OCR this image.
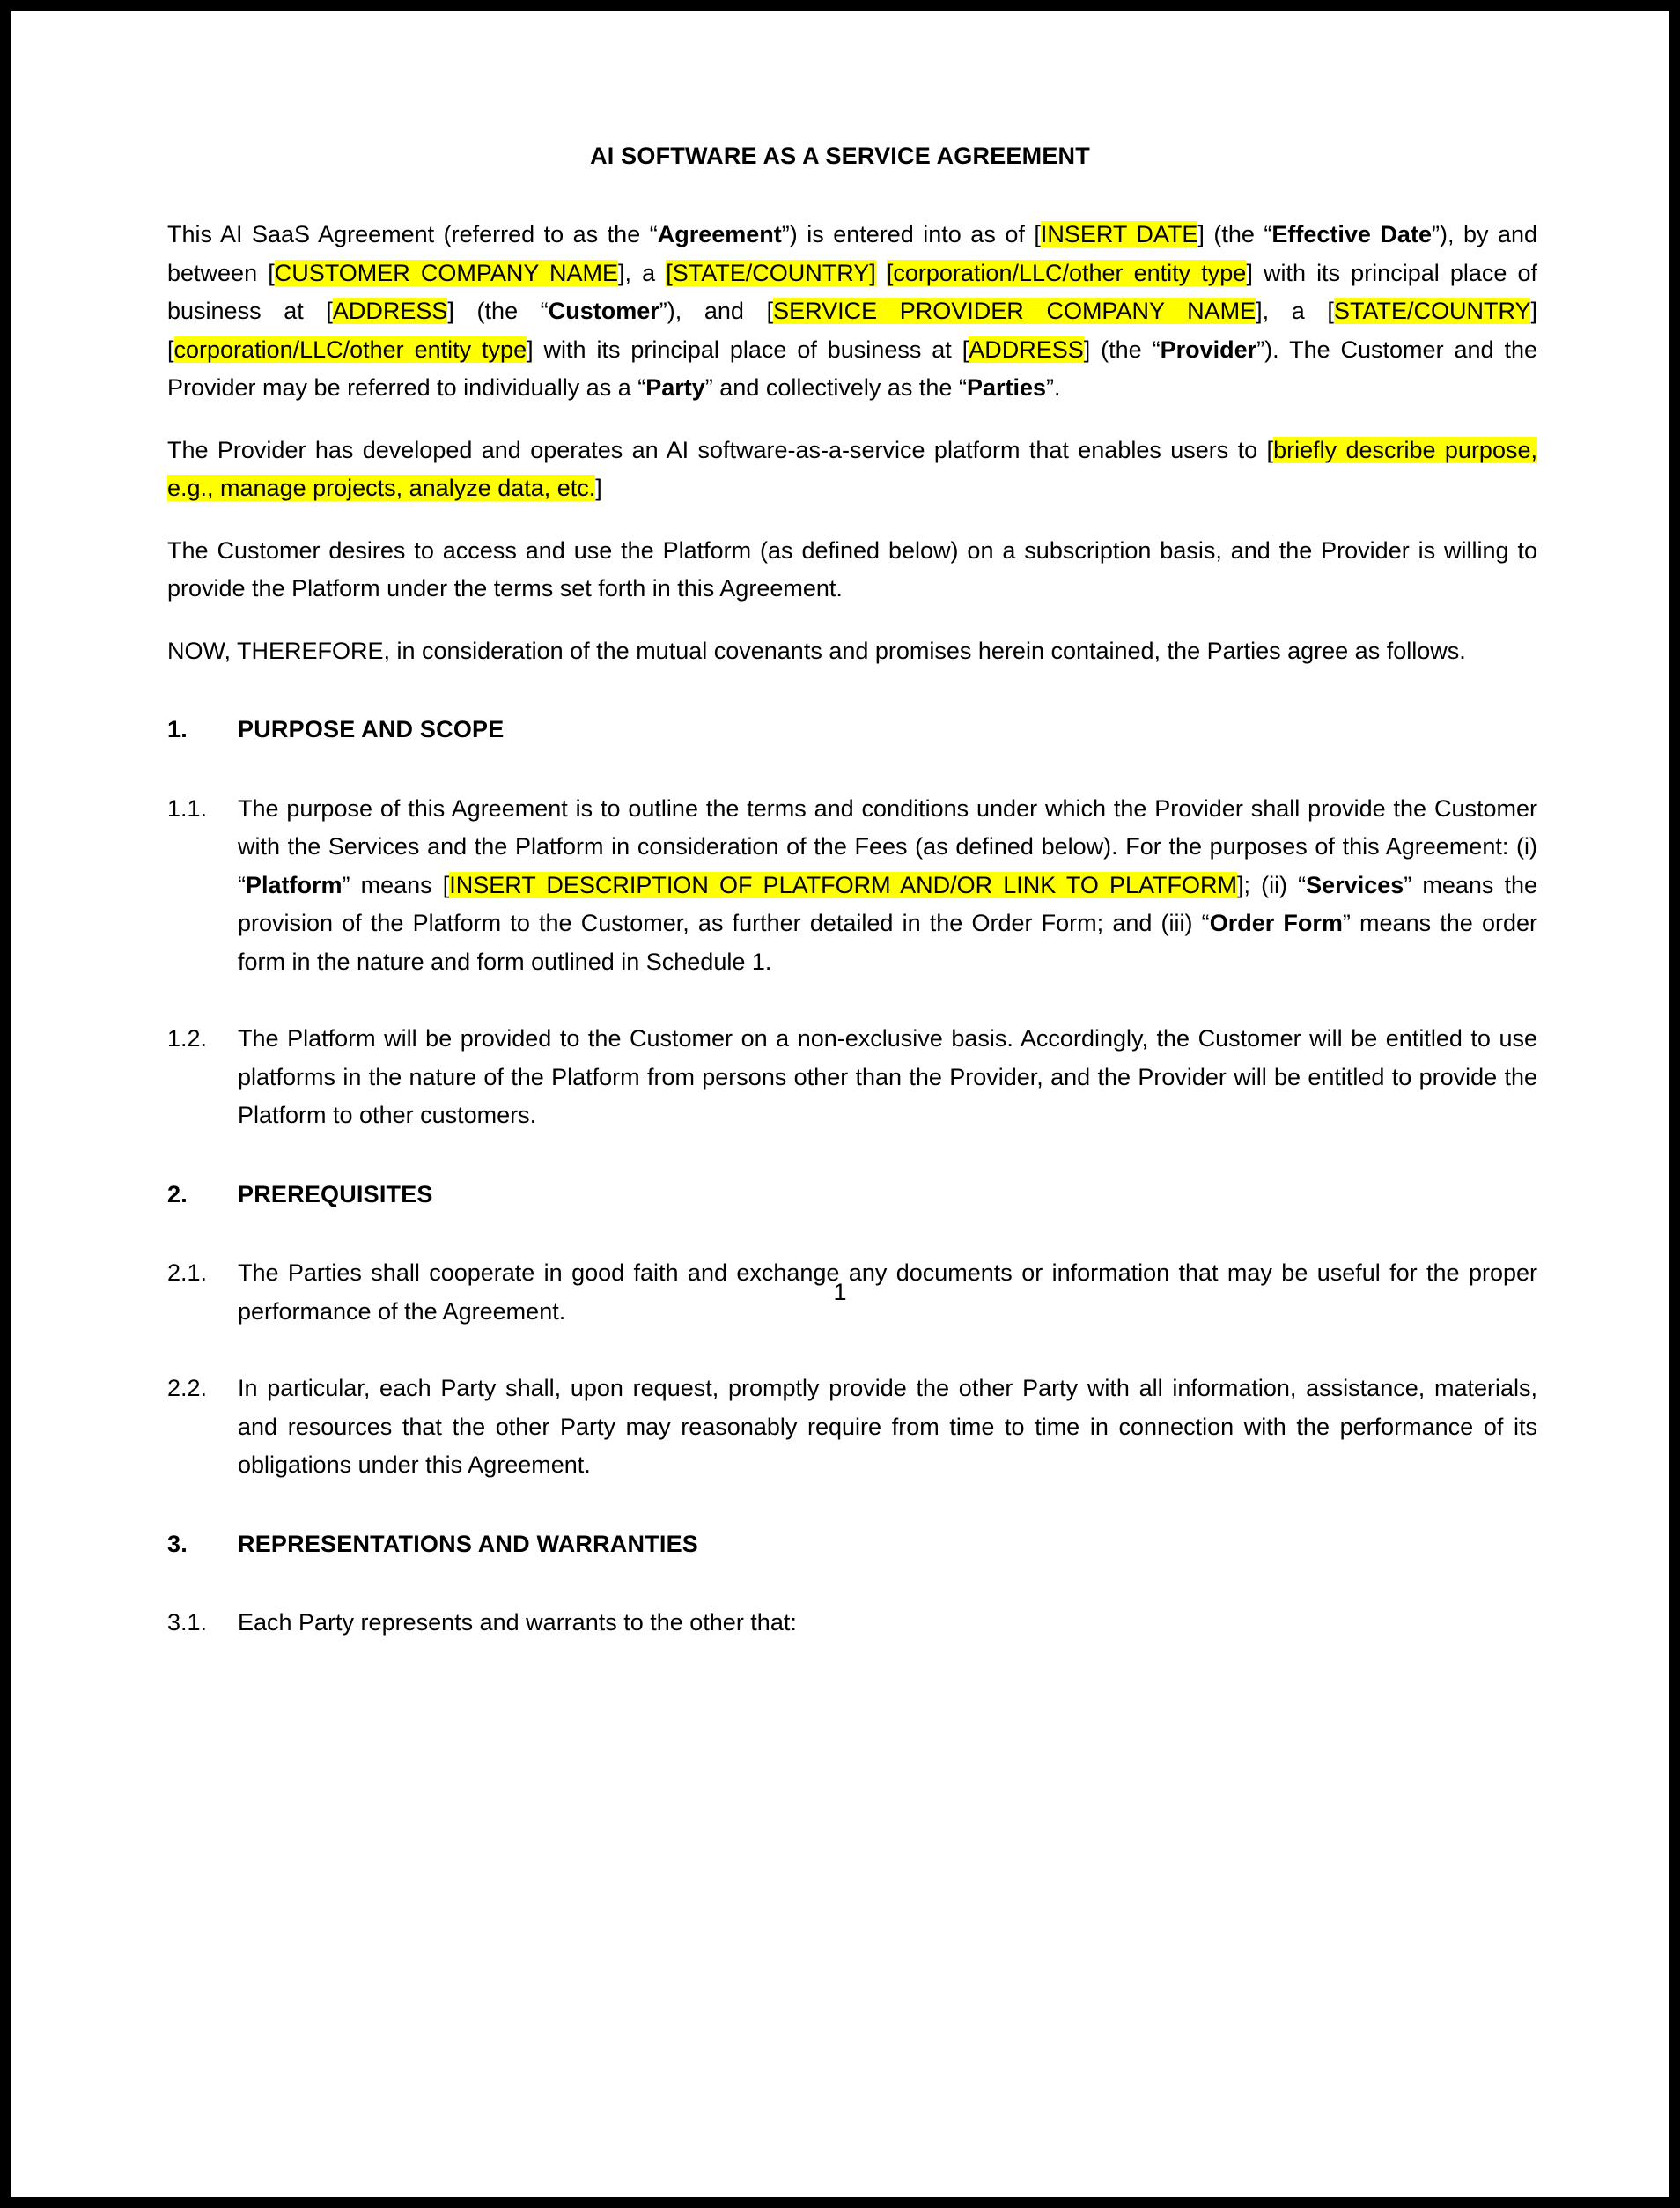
AI SOFTWARE AS A SERVICE AGREEMENT

This AI SaaS Agreement (referred to as the “Agreement”) is entered into as of [INSERT DATE] (the “Effective Date”), by and between [CUSTOMER COMPANY NAME], a [STATE/COUNTRY] [corporation/LLC/other entity type] with its principal place of business at [ADDRESS] (the “Customer”), and [SERVICE PROVIDER COMPANY NAME], a [STATE/COUNTRY] [corporation/LLC/other entity type] with its principal place of business at [ADDRESS] (the “Provider”). The Customer and the Provider may be referred to individually as a “Party” and collectively as the “Parties”.

The Provider has developed and operates an AI software-as-a-service platform that enables users to [briefly describe purpose, e.g., manage projects, analyze data, etc.]

The Customer desires to access and use the Platform (as defined below) on a subscription basis, and the Provider is willing to provide the Platform under the terms set forth in this Agreement.

NOW, THEREFORE, in consideration of the mutual covenants and promises herein contained, the Parties agree as follows.

1.	PURPOSE AND SCOPE
1.1.	The purpose of this Agreement is to outline the terms and conditions under which the Provider shall provide the Customer with the Services and the Platform in consideration of the Fees (as defined below). For the purposes of this Agreement: (i) “Platform” means [INSERT DESCRIPTION OF PLATFORM AND/OR LINK TO PLATFORM]; (ii) “Services” means the provision of the Platform to the Customer, as further detailed in the Order Form; and (iii) “Order Form” means the order form in the nature and form outlined in Schedule 1.
1.2.	The Platform will be provided to the Customer on a non-exclusive basis. Accordingly, the Customer will be entitled to use platforms in the nature of the Platform from persons other than the Provider, and the Provider will be entitled to provide the Platform to other customers.
2.	PREREQUISITES
2.1.	The Parties shall cooperate in good faith and exchange any documents or information that may be useful for the proper performance of the Agreement.
2.2.	In particular, each Party shall, upon request, promptly provide the other Party with all information, assistance, materials, and resources that the other Party may reasonably require from time to time in connection with the performance of its obligations under this Agreement.
3.	REPRESENTATIONS AND WARRANTIES
3.1.	Each Party represents and warrants to the other that:
1
